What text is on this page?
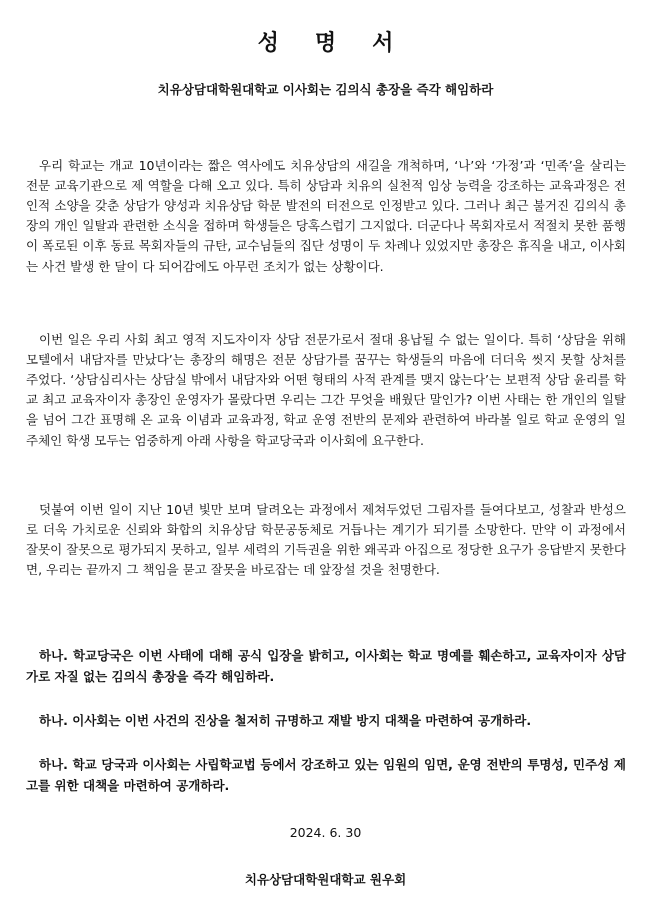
성명서
치유상담대학원대학교 이사회는 김의식 총장을 즉각 해임하라

우리 학교는 개교 10년이라는 짧은 역사에도 치유상담의 새길을 개척하며, ‘나’와 ‘가정’과 ‘민족’을 살리는 전문 교육기관으로 제 역할을 다해 오고 있다. 특히 상담과 치유의 실천적 임상 능력을 강조하는 교육과정은 전인적 소양을 갖춘 상담가 양성과 치유상담 학문 발전의 터전으로 인정받고 있다. 그러나 최근 불거진 김의식 총장의 개인 일탈과 관련한 소식을 접하며 학생들은 당혹스럽기 그지없다. 더군다나 목회자로서 적절치 못한 품행이 폭로된 이후 동료 목회자들의 규탄, 교수님들의 집단 성명이 두 차례나 있었지만 총장은 휴직을 내고, 이사회는 사건 발생 한 달이 다 되어감에도 아무런 조치가 없는 상황이다.

이번 일은 우리 사회 최고 영적 지도자이자 상담 전문가로서 절대 용납될 수 없는 일이다. 특히 ‘상담을 위해 모텔에서 내담자를 만났다’는 총장의 해명은 전문 상담가를 꿈꾸는 학생들의 마음에 더더욱 씻지 못할 상처를 주었다. ‘상담심리사는 상담실 밖에서 내담자와 어떤 형태의 사적 관계를 맺지 않는다’는 보편적 상담 윤리를 학교 최고 교육자이자 총장인 운영자가 몰랐다면 우리는 그간 무엇을 배웠단 말인가? 이번 사태는 한 개인의 일탈을 넘어 그간 표명해 온 교육 이념과 교육과정, 학교 운영 전반의 문제와 관련하여 바라볼 일로 학교 운영의 일 주체인 학생 모두는 엄중하게 아래 사항을 학교당국과 이사회에 요구한다.

덧붙여 이번 일이 지난 10년 빛만 보며 달려오는 과정에서 제쳐두었던 그림자를 들여다보고, 성찰과 반성으로 더욱 가치로운 신뢰와 화합의 치유상담 학문공동체로 거듭나는 계기가 되기를 소망한다. 만약 이 과정에서 잘못이 잘못으로 평가되지 못하고, 일부 세력의 기득권을 위한 왜곡과 아집으로 정당한 요구가 응답받지 못한다면, 우리는 끝까지 그 책임을 묻고 잘못을 바로잡는 데 앞장설 것을 천명한다.

하나. 학교당국은 이번 사태에 대해 공식 입장을 밝히고, 이사회는 학교 명예를 훼손하고, 교육자이자 상담가로 자질 없는 김의식 총장을 즉각 해임하라.

하나. 이사회는 이번 사건의 진상을 철저히 규명하고 재발 방지 대책을 마련하여 공개하라.

하나. 학교 당국과 이사회는 사립학교법 등에서 강조하고 있는 임원의 임면, 운영 전반의 투명성, 민주성 제고를 위한 대책을 마련하여 공개하라.

2024. 6. 30
치유상담대학원대학교 원우회
